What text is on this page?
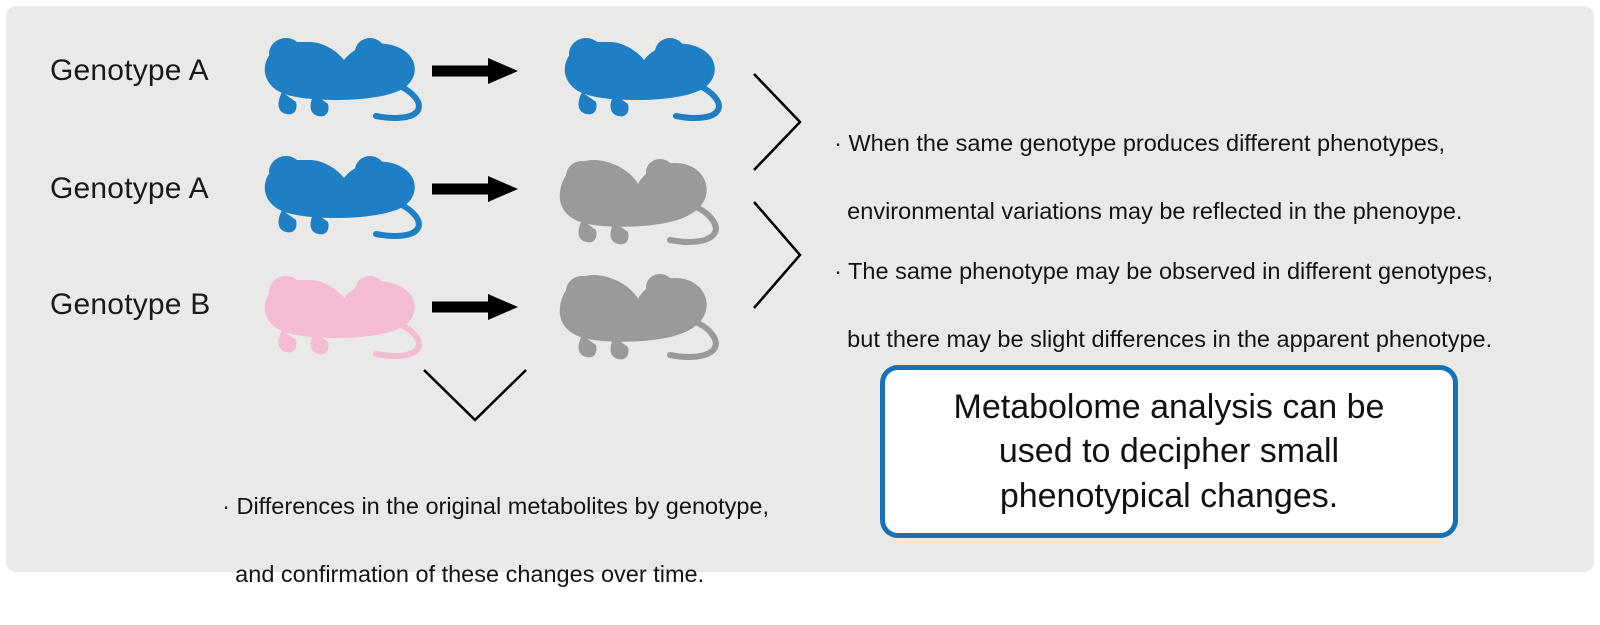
Genotype A
Genotype A
Genotype B

· When the same genotype produces different phenotypes,

environmental variations may be reflected in the phenoype.

· The same phenotype may be observed in different genotypes,

but there may be slight differences in the apparent phenotype.

· Differences in the original metabolites by genotype,

and confirmation of these changes over time.

Metabolome analysis can be
used to decipher small
phenotypical changes.
